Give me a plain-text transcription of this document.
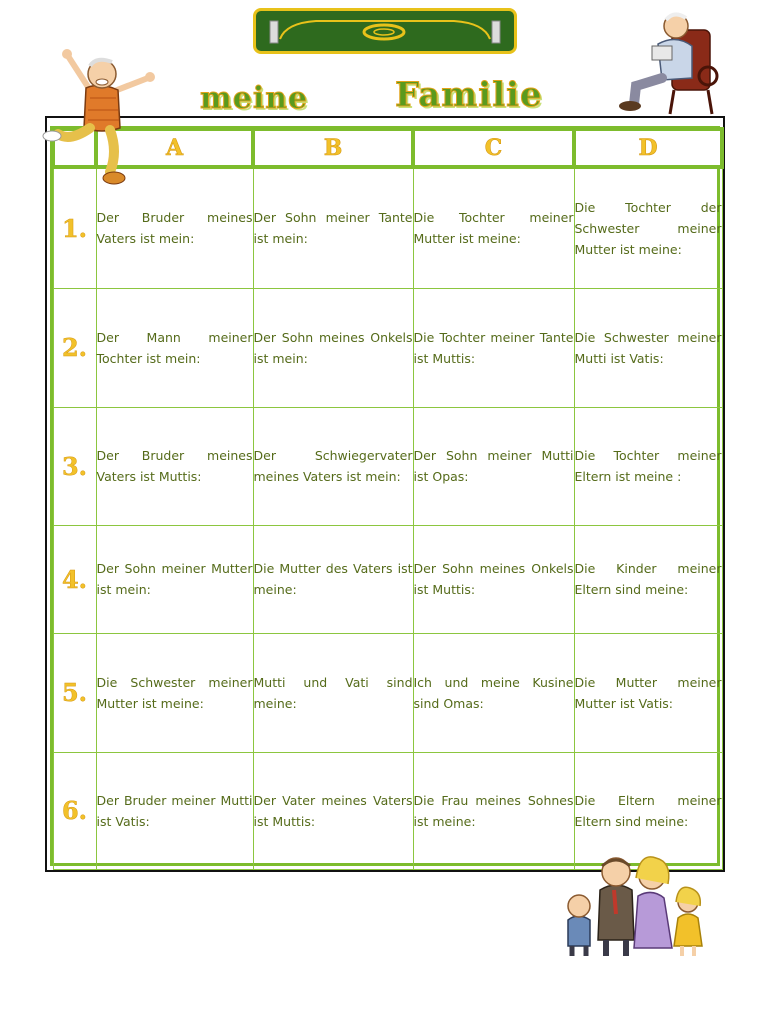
meine	Familie
	A	B	C	D
1.	Der Bruder meines Vaters ist mein:	Der Sohn meiner Tante ist mein:	Die Tochter meiner Mutter ist meine:	Die Tochter der Schwester meiner Mutter ist meine:

2.	Der Mann meiner Tochter ist mein:	Der Sohn meines Onkels ist mein:	Die Tochter meiner Tante ist Muttis:	Die Schwester meiner Mutti ist Vatis:

3.	Der Bruder meines Vaters ist Muttis:	Der Schwiegervater meines Vaters ist mein:	Der Sohn meiner Mutti ist Opas:	Die Tochter meiner Eltern ist meine :

4.	Der Sohn meiner Mutter ist mein:	Die Mutter des Vaters ist meine:	Der Sohn meines Onkels ist Muttis:	Die Kinder meiner Eltern sind meine:

5.	Die Schwester meiner Mutter ist meine:	Mutti und Vati sind meine:	Ich und meine Kusine sind Omas:	Die Mutter meiner Mutter ist Vatis:

6.	Der Bruder meiner Mutti ist Vatis:	Der Vater meines Vaters ist Muttis:	Die Frau meines Sohnes ist meine:	Die Eltern meiner Eltern sind meine:
